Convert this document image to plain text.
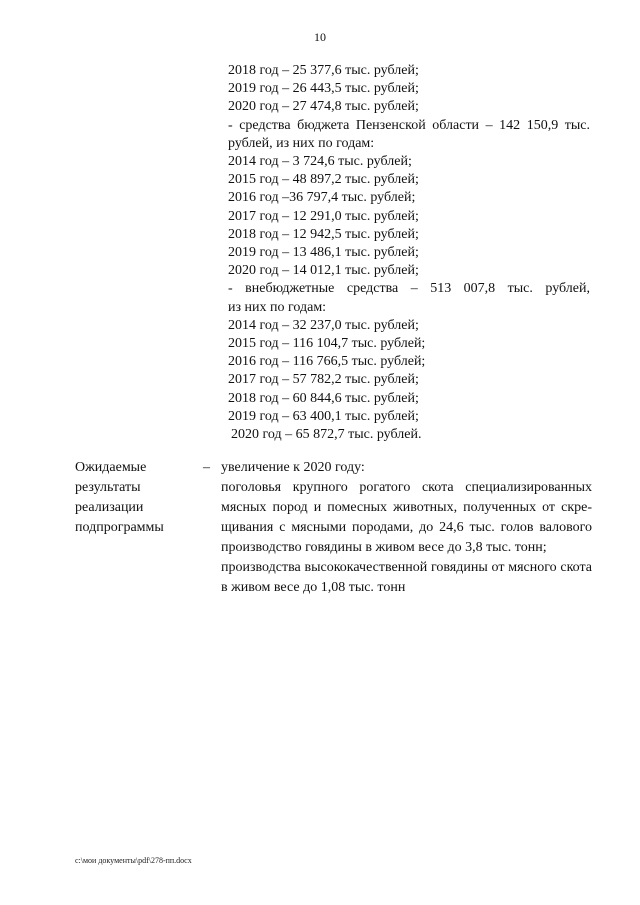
10
2018 год – 25 377,6 тыс. рублей;
2019 год – 26 443,5 тыс. рублей;
2020 год – 27 474,8 тыс. рублей;
- средства бюджета Пензенской области – 142 150,9 тыс.
рублей, из них по годам:
2014 год – 3 724,6 тыс. рублей;
2015 год – 48 897,2 тыс. рублей;
2016 год –36 797,4 тыс. рублей;
2017 год – 12 291,0 тыс. рублей;
2018 год – 12 942,5 тыс. рублей;
2019 год – 13 486,1 тыс. рублей;
2020 год – 14 012,1 тыс. рублей;
- внебюджетные средства – 513 007,8 тыс. рублей,
из них по годам:
2014 год – 32 237,0 тыс. рублей;
2015 год – 116 104,7 тыс. рублей;
2016 год – 116 766,5 тыс. рублей;
2017 год – 57 782,2 тыс. рублей;
2018 год – 60 844,6 тыс. рублей;
2019 год – 63 400,1 тыс. рублей;
2020 год – 65 872,7 тыс. рублей.
Ожидаемые
результаты
реализации
подпрограммы
– увеличение к 2020 году:
поголовья крупного рогатого скота специализированных мясных пород и помесных животных, полученных от скре-щивания с мясными породами, до 24,6 тыс. голов валового производство говядины в живом весе до 3,8 тыс. тонн;
производства высококачественной говядины от мясного скота в живом весе до 1,08 тыс. тонн
c:\мои документы\pdf\278-пп.docx
